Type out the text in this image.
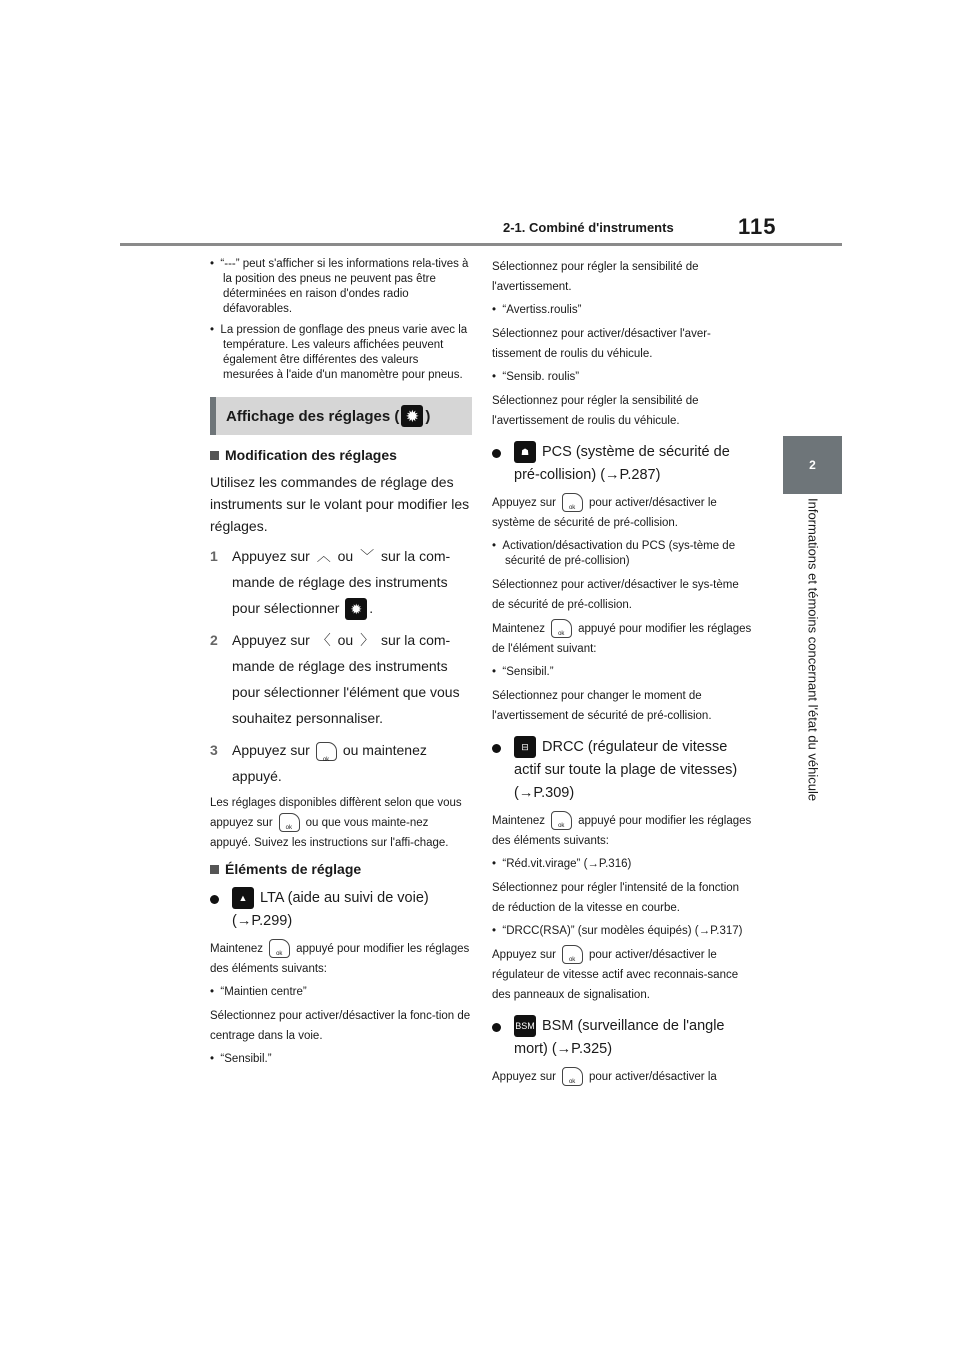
2-1. Combiné d'instruments	115
2
Informations et témoins concernant l'état du véhicule

•  “---” peut s'afficher si les informations rela-tives à la position des pneus ne peuvent pas être déterminées en raison d'ondes radio défavorables.

•  La pression de gonflage des pneus varie avec la température. Les valeurs affichées peuvent également être différentes des valeurs mesurées à l'aide d'un manomètre pour pneus.

Affichage des réglages ( ✹ )
Modification des réglages

Utilisez les commandes de réglage des instruments sur le volant pour modifier les réglages.

1 Appuyez sur ︿ ou ﹀ sur la com-mande de réglage des instruments pour sélectionner ✹ .
2 Appuyez sur 〈 ou 〉 sur la com-mande de réglage des instruments pour sélectionner l'élément que vous souhaitez personnaliser.
3 Appuyez sur ok ou maintenez appuyé.

Les réglages disponibles diffèrent selon que vous appuyez sur ok	ou que vous mainte-nez appuyé. Suivez les instructions sur l'affi-chage.

Éléments de réglage
▲ LTA (aide au suivi de voie) (→P.299)

Maintenez ok	appuyé pour modifier les réglages des éléments suivants:

•  “Maintien centre”

Sélectionnez pour activer/désactiver la fonc-tion de centrage dans la voie.

•  “Sensibil.”

Sélectionnez pour régler la sensibilité de l'avertissement.

•  “Avertiss.roulis”

Sélectionnez pour activer/désactiver l'aver-tissement de roulis du véhicule.

•  “Sensib. roulis”

Sélectionnez pour régler la sensibilité de l'avertissement de roulis du véhicule.

☗ PCS (système de sécurité de pré-collision) (→P.287)

Appuyez sur ok	pour activer/désactiver le système de sécurité de pré-collision.

•  Activation/désactivation du PCS (sys-tème de sécurité de pré-collision)

Sélectionnez pour activer/désactiver le sys-tème de sécurité de pré-collision.

Maintenez ok	appuyé pour modifier les réglages de l'élément suivant:

•  “Sensibil.”

Sélectionnez pour changer le moment de l'avertissement de sécurité de pré-collision.

⊟ DRCC (régulateur de vitesse actif sur toute la plage de vitesses) (→P.309)

Maintenez ok	appuyé pour modifier les réglages des éléments suivants:

•  “Réd.vit.virage” (→P.316)

Sélectionnez pour régler l'intensité de la fonction de réduction de la vitesse en courbe.

•  “DRCC(RSA)” (sur modèles équipés) (→P.317)

Appuyez sur ok	pour activer/désactiver le régulateur de vitesse actif avec reconnais-sance des panneaux de signalisation.

BSM BSM (surveillance de l'angle mort) (→P.325)

Appuyez sur ok	pour activer/désactiver la
